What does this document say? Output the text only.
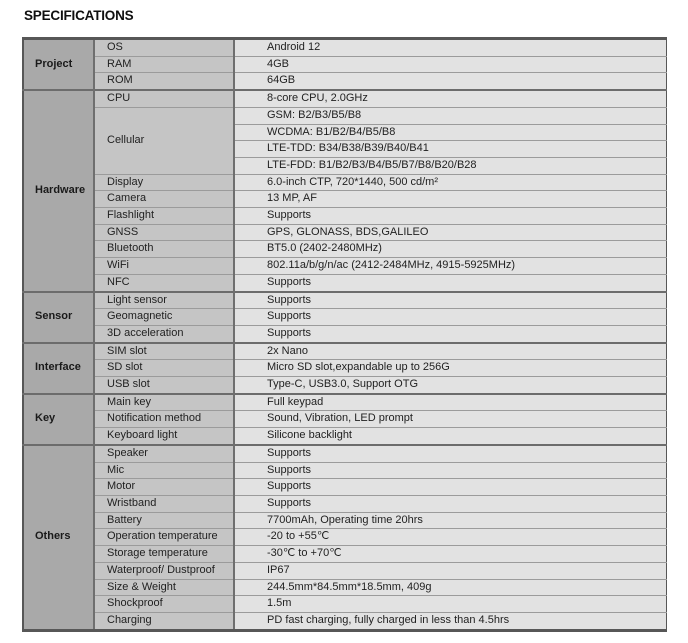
SPECIFICATIONS
Project	OS	Android 12
	RAM	4GB
	ROM	64GB
Hardware	CPU	8-core CPU, 2.0GHz
	Cellular	GSM: B2/B3/B5/B8
		WCDMA: B1/B2/B4/B5/B8
		LTE-TDD: B34/B38/B39/B40/B41
		LTE-FDD: B1/B2/B3/B4/B5/B7/B8/B20/B28
	Display	6.0-inch CTP, 720*1440, 500 cd/m²
	Camera	13 MP, AF
	Flashlight	Supports
	GNSS	GPS, GLONASS, BDS,GALILEO
	Bluetooth	BT5.0 (2402-2480MHz)
	WiFi	802.11a/b/g/n/ac (2412-2484MHz, 4915-5925MHz)
	NFC	Supports
Sensor	Light sensor	Supports
	Geomagnetic	Supports
	3D acceleration	Supports
Interface	SIM slot	2x Nano
	SD slot	Micro SD slot,expandable up to 256G
	USB slot	Type-C, USB3.0, Support OTG
Key	Main key	Full keypad
	Notification method	Sound, Vibration, LED prompt
	Keyboard light	Silicone backlight
Others	Speaker	Supports
	Mic	Supports
	Motor	Supports
	Wristband	Supports
	Battery	7700mAh, Operating time 20hrs
	Operation temperature	-20 to +55℃
	Storage temperature	-30℃ to +70℃
	Waterproof/ Dustproof	IP67
	Size & Weight	244.5mm*84.5mm*18.5mm, 409g
	Shockproof	1.5m
	Charging	PD fast charging, fully charged in less than 4.5hrs
